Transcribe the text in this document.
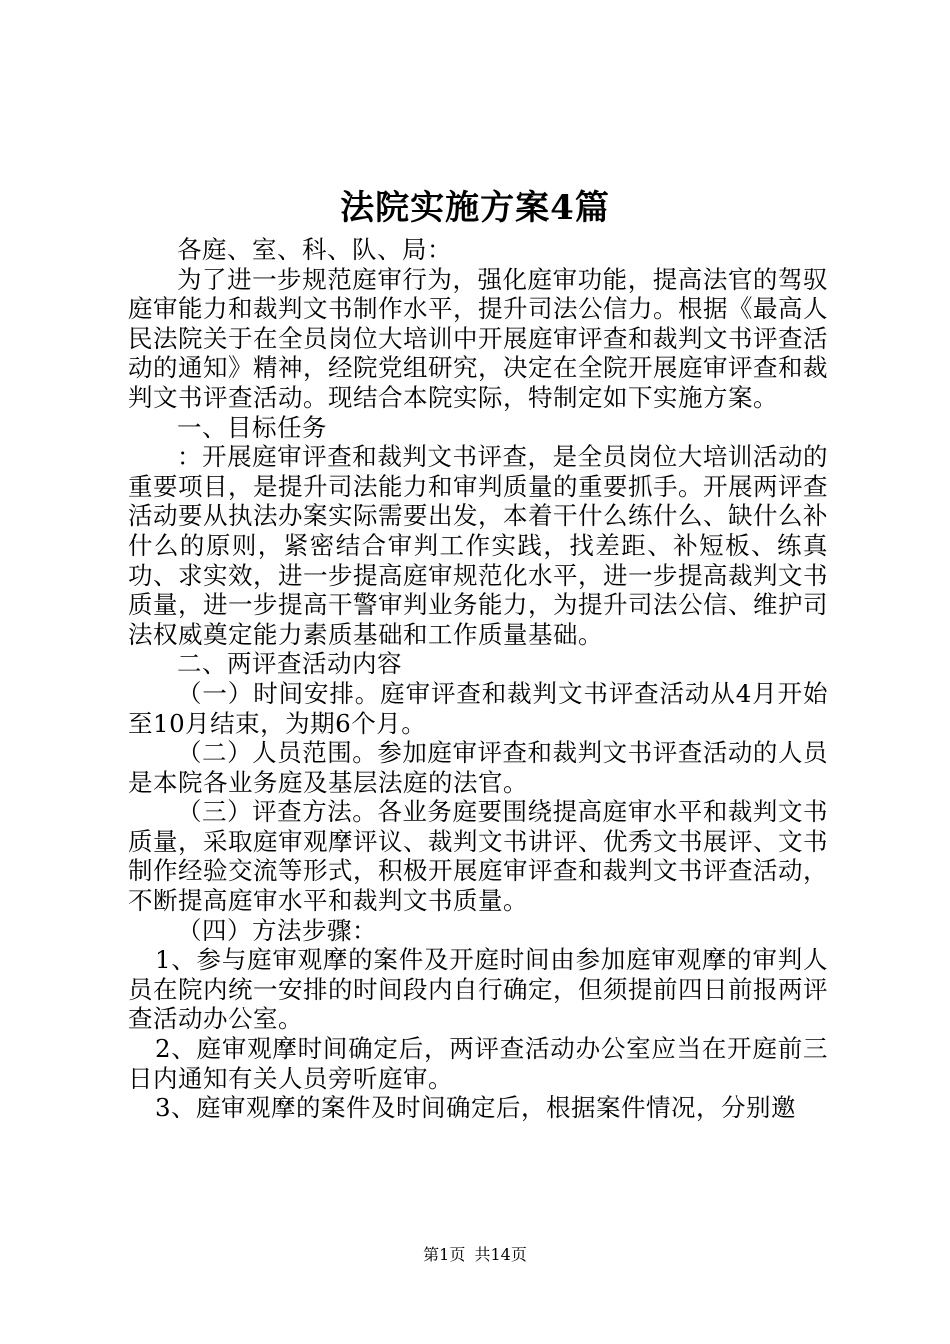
法院实施方案4篇

各庭、室、科、队、局：

为了进一步规范庭审行为，强化庭审功能，提高法官的驾驭庭审能力和裁判文书制作水平，提升司法公信力。根据《最高人民法院关于在全员岗位大培训中开展庭审评查和裁判文书评查活动的通知》精神，经院党组研究，决定在全院开展庭审评查和裁判文书评查活动。现结合本院实际，特制定如下实施方案。

一、目标任务

：开展庭审评查和裁判文书评查，是全员岗位大培训活动的重要项目，是提升司法能力和审判质量的重要抓手。开展两评查活动要从执法办案实际需要出发，本着干什么练什么、缺什么补什么的原则，紧密结合审判工作实践，找差距、补短板、练真功、求实效，进一步提高庭审规范化水平，进一步提高裁判文书质量，进一步提高干警审判业务能力，为提升司法公信、维护司法权威奠定能力素质基础和工作质量基础。

二、两评查活动内容

（一）时间安排。庭审评查和裁判文书评查活动从4月开始至10月结束，为期6个月。

（二）人员范围。参加庭审评查和裁判文书评查活动的人员是本院各业务庭及基层法庭的法官。

（三）评查方法。各业务庭要围绕提高庭审水平和裁判文书质量，采取庭审观摩评议、裁判文书讲评、优秀文书展评、文书制作经验交流等形式，积极开展庭审评查和裁判文书评查活动，不断提高庭审水平和裁判文书质量。

（四）方法步骤：

1、参与庭审观摩的案件及开庭时间由参加庭审观摩的审判人员在院内统一安排的时间段内自行确定，但须提前四日前报两评查活动办公室。

2、庭审观摩时间确定后，两评查活动办公室应当在开庭前三日内通知有关人员旁听庭审。

3、庭审观摩的案件及时间确定后，根据案件情况，分别邀

第1页 共14页
